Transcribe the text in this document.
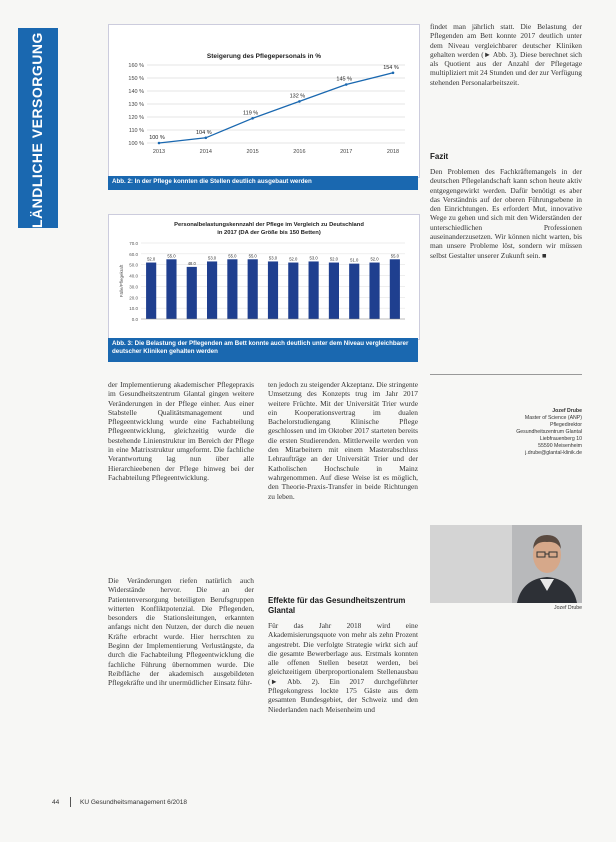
LÄNDLICHE VERSORGUNG	Steigerung des Pflegepersonals in %
100 %
110 %
120 %
130 %
140 %
150 %
160 %
2013	2014	2015	2016	2017	2018
100 %
104 %
119 %
132 %
145 %
154 %
Abb. 2: In der Pflege konnten die Stellen deutlich ausgebaut werden
Personalbelastungskennzahl der Pflege im Vergleich zu Deutschland
in 2017 (DA der Größe bis 150 Betten)
0.0
10.0
20.0
30.0
40.0
50.0
60.0
70.0
Fälle/Pflegekraft
52.0
55.0
48.0
53.0	55.0	55.0	53.0	52.0	53.0	52.0	51.0	52.0
55.0
Abb. 3: Die Belastung der Pflegenden am Bett konnte auch deutlich unter dem Niveau vergleichbarer deutscher Kliniken gehalten werden
findet man jährlich statt. Die Belastung der Pflegenden am Bett konnte 2017 deutlich unter dem Niveau vergleichbarer deutscher Kliniken gehalten werden (► Abb. 3). Diese berechnet sich als Quotient aus der Anzahl der Pflegetage multipliziert mit 24 Stunden und der zur Verfügung stehenden Personalarbeitszeit.
Fazit
Den Problemen des Fachkräftemangels in der deutschen Pflegelandschaft kann schon heute aktiv entgegengewirkt werden. Dafür benötigt es aber das Verständnis auf der oberen Führungsebene in den Einrichtungen. Es erfordert Mut, innovative Wege zu gehen und sich mit den Widerständen der unterschiedlichen Professionen auseinanderzusetzen. Wir können nicht warten, bis man unsere Probleme löst, sondern wir müssen selbst Gestalter unserer Zukunft sein. ■
der Implementierung akademischer Pflegepraxis im Gesundheitszentrum Glantal gingen weitere Veränderungen in der Pflege einher. Aus einer Stabstelle Qualitätsmanagement und Pflegeentwicklung wurde eine Fachabteilung Pflegeentwicklung, gleichzeitig wurde die bestehende Linienstruktur im Bereich der Pflege in eine Matrixstruktur umgeformt. Die fachliche Verantwortung lag nun über alle Hierarchieebenen der Pflege hinweg bei der Fachabteilung Pflegeentwicklung.
Die Veränderungen riefen natürlich auch Widerstände hervor. Die an der Patientenversorgung beteiligten Berufsgruppen witterten Konfliktpotenzial. Die Pflegenden, besonders die Stationsleitungen, erkannten anfangs nicht den Nutzen, der durch die neuen Kräfte erbracht wurde. Hier herrschten zu Beginn der Implementierung Verlustängste, da durch die Fachabteilung Pflegeentwicklung die fachliche Führung übernommen wurde. Die Reibfläche der akademisch ausgebildeten Pflegekräfte und ihr unermüdlicher Einsatz führ-
ten jedoch zu steigender Akzeptanz. Die stringente Umsetzung des Konzepts trug im Jahr 2017 weitere Früchte. Mit der Universität Trier wurde ein Kooperationsvertrag im dualen Bachelorstudiengang Klinische Pflege geschlossen und im Oktober 2017 starteten bereits die ersten Studierenden. Mittlerweile werden von den Mitarbeitern mit einem Masterabschluss Lehraufträge an der Universität Trier und der Katholischen Hochschule in Mainz wahrgenommen. Auf diese Weise ist es möglich, den Theorie-Praxis-Transfer in beide Richtungen zu leben.
Effekte für das Gesundheitszentrum Glantal
Für das Jahr 2018 wird eine Akademisierungsquote von mehr als zehn Prozent angestrebt. Die verfolgte Strategie wirkt sich auf die gesamte Bewerberlage aus. Erstmals konnten alle offenen Stellen besetzt werden, bei gleichzeitigem überproportionalem Stellenausbau (► Abb. 2). Ein 2017 durchgeführter Pflegekongress lockte 175 Gäste aus dem gesamten Bundesgebiet, der Schweiz und den Niederlanden nach Meisenheim und
Jozef Drube
Master of Science (ANP)
Pflegedirektor
Gesundheitszentrum Glantal
Liebfrauenberg 10
55590 Meisenheim
j.drube@glantal-klinik.de
Jozef Drube
44	KU Gesundheitsmanagement 6/2018
